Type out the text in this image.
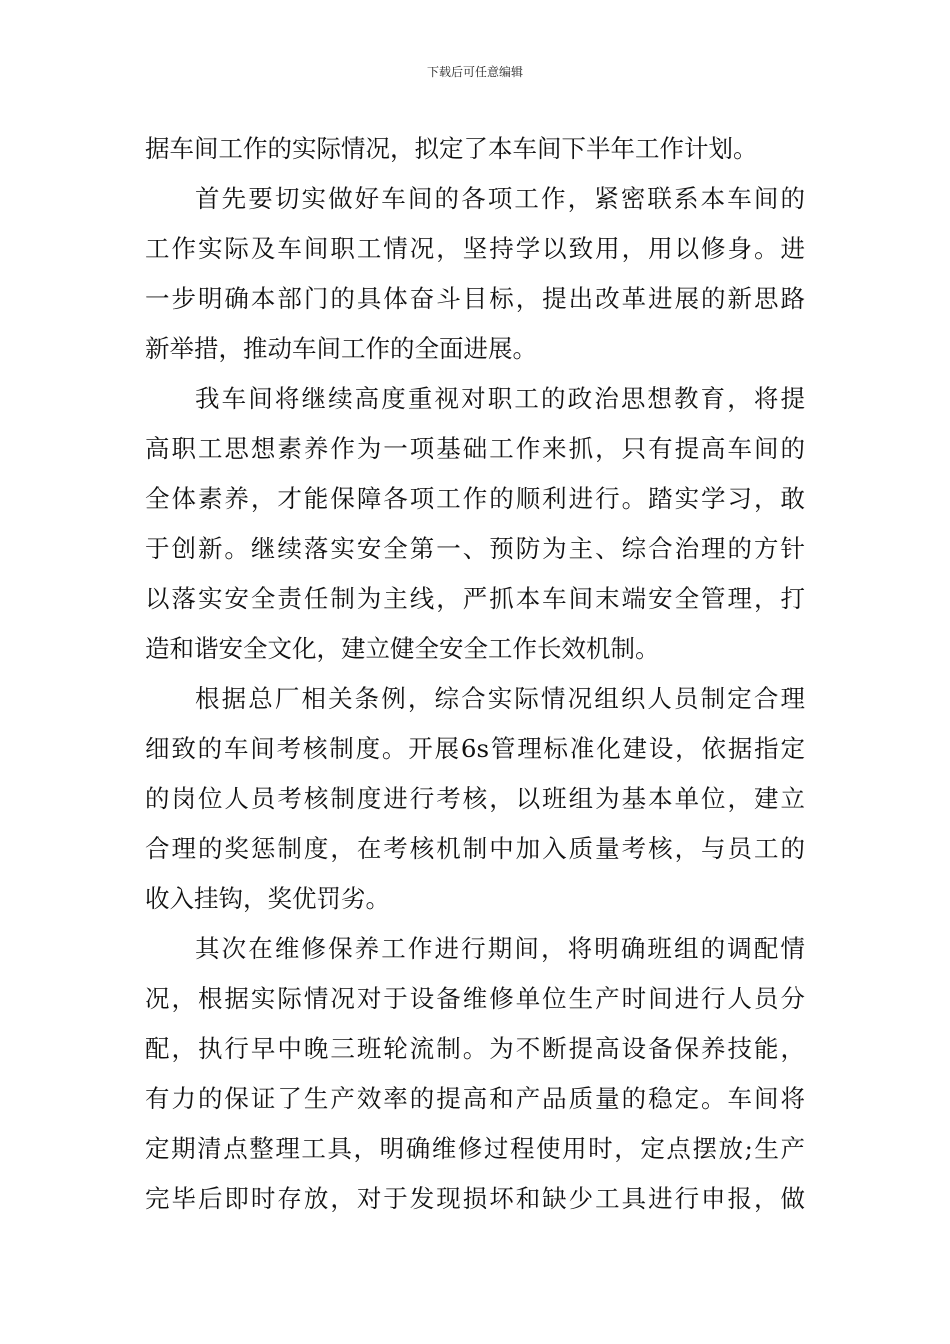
下载后可任意编辑
据车间工作的实际情况，拟定了本车间下半年工作计划。
首先要切实做好车间的各项工作，紧密联系本车间的
工作实际及车间职工情况，坚持学以致用，用以修身。进
一步明确本部门的具体奋斗目标，提出改革进展的新思路
新举措，推动车间工作的全面进展。
我车间将继续高度重视对职工的政治思想教育，将提
高职工思想素养作为一项基础工作来抓，只有提高车间的
全体素养，才能保障各项工作的顺利进行。踏实学习，敢
于创新。继续落实安全第一、预防为主、综合治理的方针
以落实安全责任制为主线，严抓本车间末端安全管理，打
造和谐安全文化，建立健全安全工作长效机制。
根据总厂相关条例，综合实际情况组织人员制定合理
细致的车间考核制度。开展6s管理标准化建设，依据指定
的岗位人员考核制度进行考核，以班组为基本单位，建立
合理的奖惩制度，在考核机制中加入质量考核，与员工的
收入挂钩，奖优罚劣。
其次在维修保养工作进行期间，将明确班组的调配情
况，根据实际情况对于设备维修单位生产时间进行人员分
配，执行早中晚三班轮流制。为不断提高设备保养技能，
有力的保证了生产效率的提高和产品质量的稳定。车间将
定期清点整理工具，明确维修过程使用时，定点摆放;生产
完毕后即时存放，对于发现损坏和缺少工具进行申报，做
